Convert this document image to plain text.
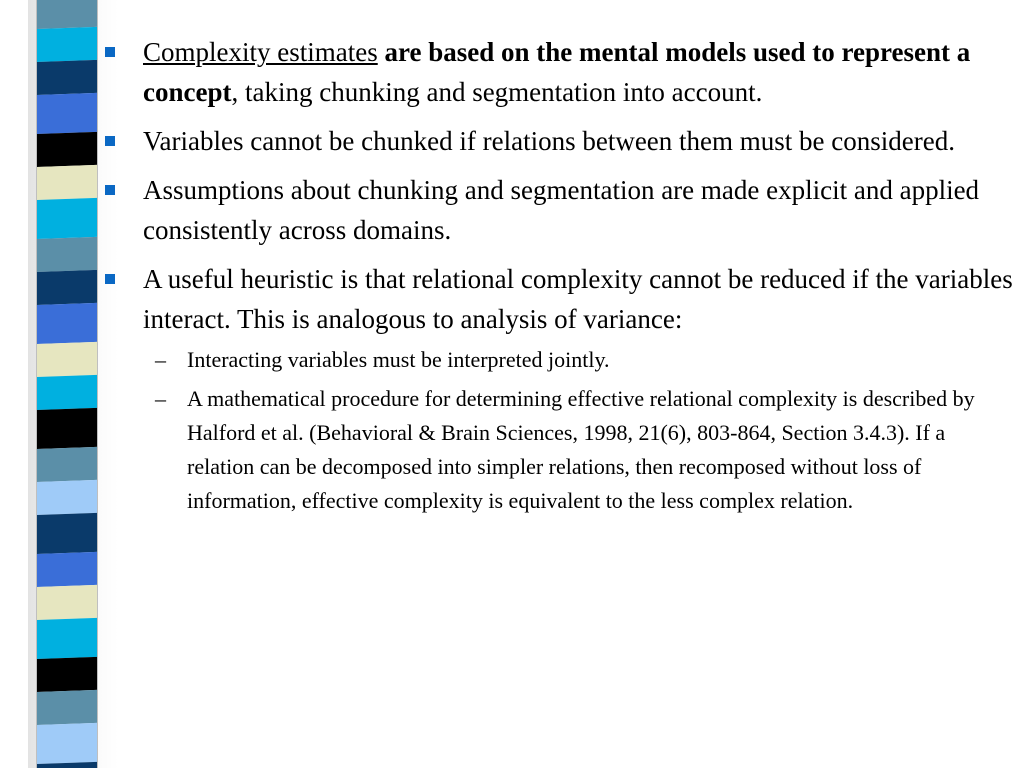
Complexity estimates are based on the mental models used to represent a concept, taking chunking and segmentation into account.
Variables cannot be chunked if relations between them must be considered.
Assumptions about chunking and segmentation are made explicit and applied consistently across domains.
A useful heuristic is that relational complexity cannot be reduced if the variables interact. This is analogous to analysis of variance:
– Interacting variables must be interpreted jointly.
– A mathematical procedure for determining effective relational complexity is described by Halford et al. (Behavioral & Brain Sciences, 1998, 21(6), 803-864, Section 3.4.3). If a relation can be decomposed into simpler relations, then recomposed without loss of information, effective complexity is equivalent to the less complex relation.
